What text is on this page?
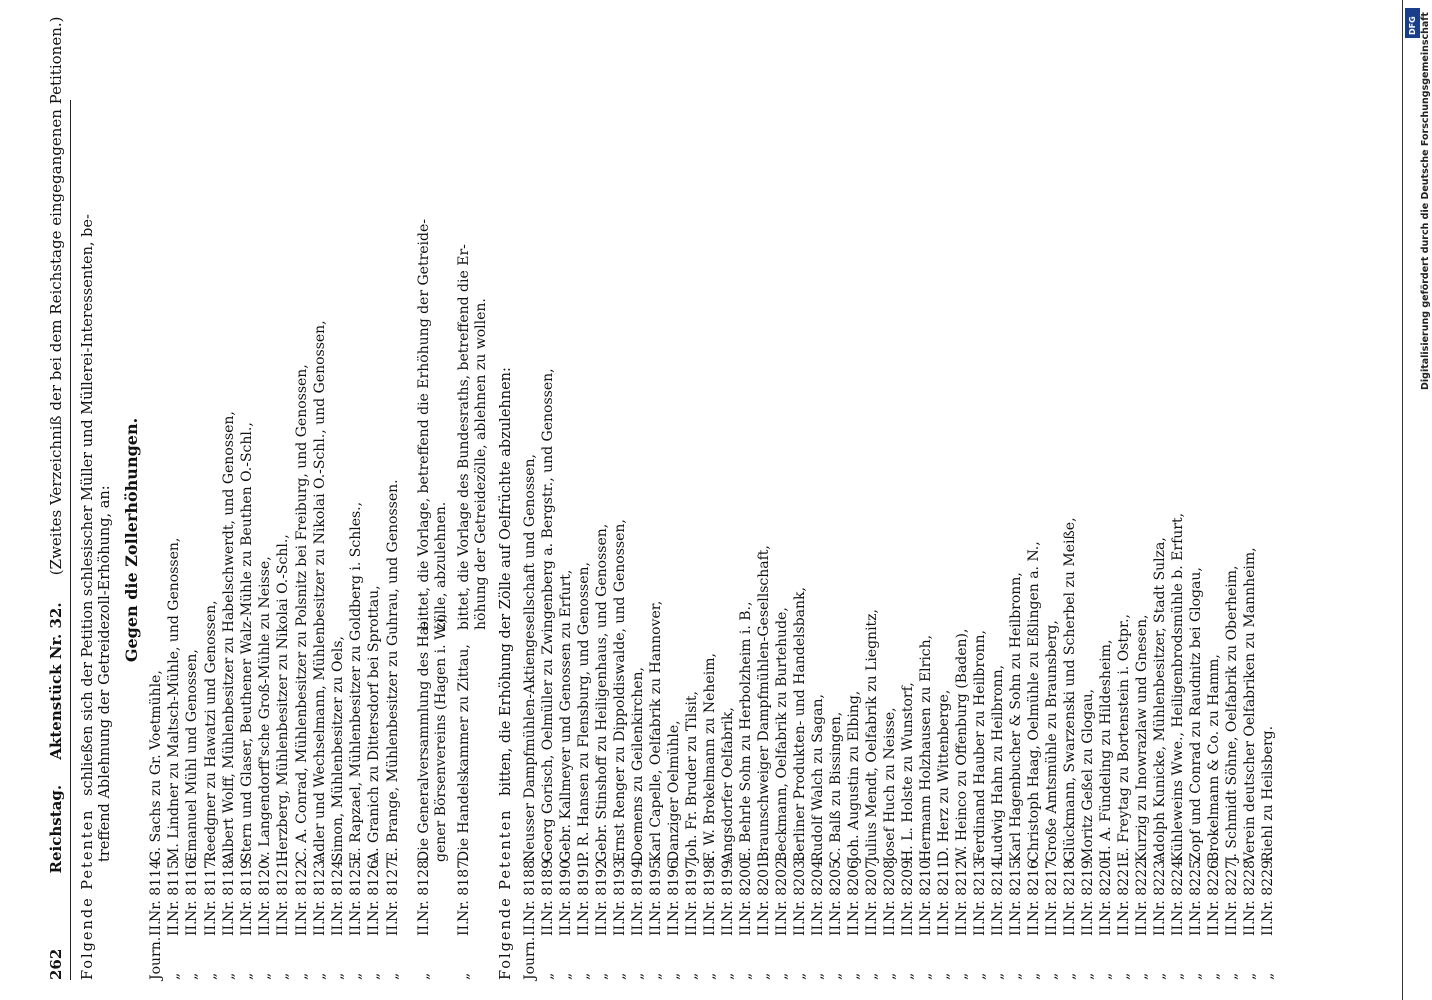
262 Reichstag. Aktenstück Nr. 32. (Zweites Verzeichniß der bei dem Reichstage eingegangenen Petitionen.)
Folgende Petenten schließen sich der Petition schlesischer Müller und Müllerei-Interessenten, be- treffend Ablehnung der Getreidezoll-Erhöhung, an: Gegen die Zollerhöhungen.
Journ.
II.
Nr. 8114.
G. Sachs zu Gr. Voetmühle,
„
II.
Nr. 8115.
M. Lindner zu Maltsch-Mühle, und Genossen,
„
II.
Nr. 8116.
Emanuel Mühl und Genossen,
„
II.
Nr. 8117.
Reedgner zu Hawatzi und Genossen,
„
II.
Nr. 8118.
Albert Wolff, Mühlenbesitzer zu Habelschwerdt, und Genossen,
„
II.
Nr. 8119.
Stern und Glaser, Beuthener Walz-Mühle zu Beuthen O.-Schl.,
„
II.
Nr. 8120.
v. Langendorff'sche Groß-Mühle zu Neisse,
„
II.
Nr. 8121.
Herzberg, Mühlenbesitzer zu Nikolai O.-Schl.,
„
II.
Nr. 8122.
C. A. Conrad, Mühlenbesitzer zu Polsnitz bei Freiburg, und Genossen,
„
II.
Nr. 8123.
Adler und Wechselmann, Mühlenbesitzer zu Nikolai O.-Schl., und Genossen,
„
II.
Nr. 8124.
Simon, Mühlenbesitzer zu Oels,
„
II.
Nr. 8125.
E. Rapzael, Mühlenbesitzer zu Goldberg i. Schles.,
„
II.
Nr. 8126.
A. Granich zu Dittersdorf bei Sprottau,
„
II.
Nr. 8127.
E. Brange, Mühlenbesitzer zu Guhrau, und Genossen.
„
II.
Nr. 8128.
Die Generalversammlung des Ha- gener Börsenvereins (Hagen i. W.),
bittet, die Vorlage, betreffend die Erhöhung der Getreide- zölle, abzulehnen.
„
II.
Nr. 8187.
Die Handelskammer zu Zittau,
bittet, die Vorlage des Bundesraths, betreffend die Er- höhung der Getreidezölle, ablehnen zu wollen.
Folgende Petenten bitten, die Erhöhung der Zölle auf Oelfrüchte abzulehnen:
Journ.
II.
Nr. 8188.
Neusser Dampfmühlen-Aktiengesellschaft und Genossen,
„
II.
Nr. 8189.
Georg Gorisch, Oelmüller zu Zwingenberg a. Bergstr., und Genossen,
„
II.
Nr. 8190.
Gebr. Kallmeyer und Genossen zu Erfurt,
„
II.
Nr. 8191.
P. R. Hansen zu Flensburg, und Genossen,
„
II.
Nr. 8192.
Gebr. Stinshoff zu Heiligenhaus, und Genossen,
„
II.
Nr. 8193.
Ernst Renger zu Dippoldiswalde, und Genossen,
„
II.
Nr. 8194.
Doemens zu Geilenkirchen,
„
II.
Nr. 8195.
Karl Capelle, Oelfabrik zu Hannover,
„
II.
Nr. 8196.
Danziger Oelmühle,
„
II.
Nr. 8197.
Joh. Fr. Bruder zu Tilsit,
„
II.
Nr. 8198.
F. W. Brokelmann zu Neheim,
„
II.
Nr. 8199.
Angsdorfer Oelfabrik,
„
II.
Nr. 8200.
E. Behrle Sohn zu Herbolzheim i. B.,
„
II.
Nr. 8201.
Braunschweiger Dampfmühlen-Gesellschaft,
„
II.
Nr. 8202.
Beckmann, Oelfabrik zu Burtehude,
„
II.
Nr. 8203.
Berliner Produkten- und Handelsbank,
„
II.
Nr. 8204.
Rudolf Walch zu Sagan,
„
II.
Nr. 8205.
C. Balß zu Bissingen,
„
II.
Nr. 8206.
Joh. Augustin zu Elbing,
„
II.
Nr. 8207.
Julius Mendt, Oelfabrik zu Liegnitz,
„
II.
Nr. 8208.
Josef Huch zu Neisse,
„
II.
Nr. 8209.
H. L. Holste zu Wunstorf,
„
II.
Nr. 8210.
Hermann Holzhausen zu Elrich,
„
II.
Nr. 8211.
D. Herz zu Wittenberge,
„
II.
Nr. 8212.
W. Heinco zu Offenburg (Baden),
„
II.
Nr. 8213.
Ferdinand Hauber zu Heilbronn,
„
II.
Nr. 8214.
Ludwig Hahn zu Heilbronn,
„
II.
Nr. 8215.
Karl Hagenbucher & Sohn zu Heilbronn,
„
II.
Nr. 8216.
Christoph Haag, Oelmühle zu Eßlingen a. N.,
„
II.
Nr. 8217.
Große Amtsmühle zu Braunsberg,
„
II.
Nr. 8218.
Glückmann, Swarzenski und Scherbel zu Meiße,
„
II.
Nr. 8219.
Moritz Geßel zu Glogau,
„
II.
Nr. 8220.
H. A. Fündeling zu Hildesheim,
„
II.
Nr. 8221.
E. Freytag zu Bortenstein i. Ostpr.,
„
II.
Nr. 8222.
Kurzig zu Inowrazlaw und Gnesen,
„
II.
Nr. 8223.
Adolph Kunicke, Mühlenbesitzer, Stadt Sulza,
„
II.
Nr. 8224.
Kühleweins Wwe., Heiligenbrodsmühle b. Erfurt,
„
II.
Nr. 8225.
Zopf und Conrad zu Raudnitz bei Glogau,
„
II.
Nr. 8226.
Brokelmann & Co. zu Hamm,
„
II.
Nr. 8227.
J. Schmidt Söhne, Oelfabrik zu Oberheim,
„
II.
Nr. 8228.
Verein deutscher Oelfabriken zu Mannheim,
„
II.
Nr. 8229.
Riehl zu Heilsberg.
DFG Digitalisierung gefördert durch die Deutsche Forschungsgemeinschaft
